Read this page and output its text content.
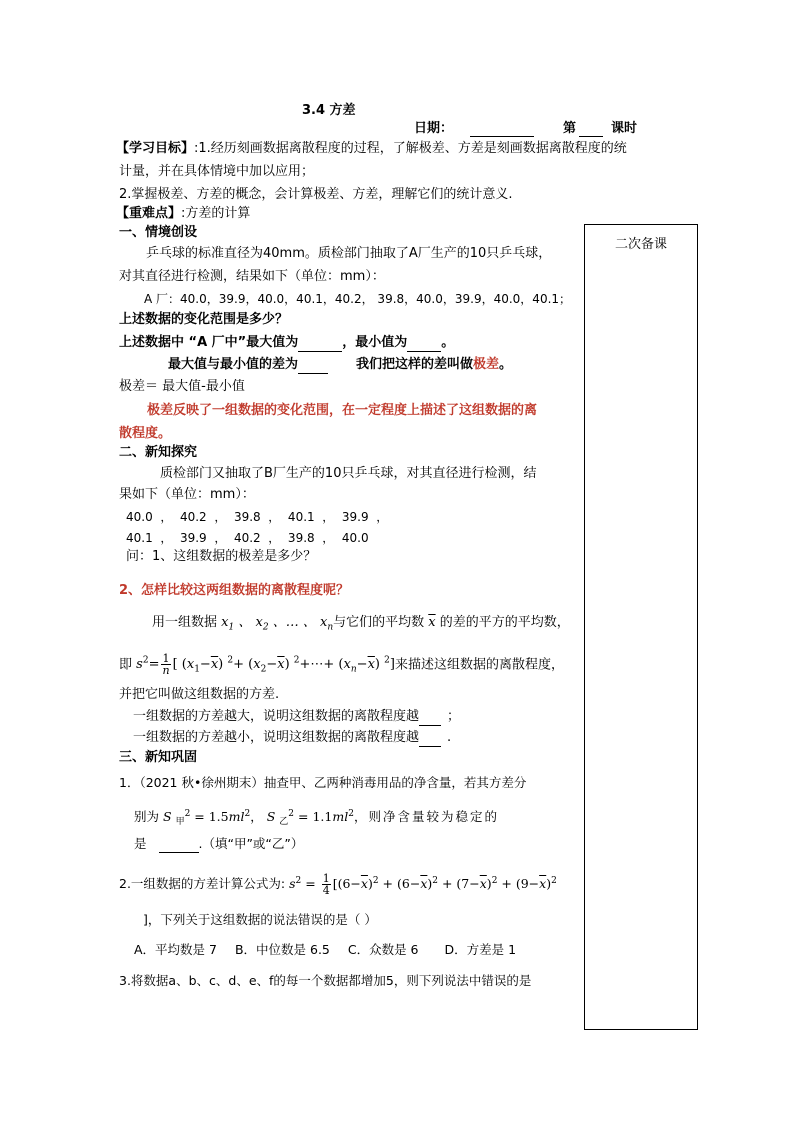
3.4 方差
日期：	第	课时
【学习目标】:1.经历刻画数据离散程度的过程，了解极差、方差是刻画数据离散程度的统
计量，并在具体情境中加以应用；
2.掌握极差、方差的概念，会计算极差、方差，理解它们的统计意义.
【重难点】:方差的计算
二次备课
一、情境创设
乒乓球的标准直径为40mm。质检部门抽取了A厂生产的10只乒乓球，
对其直径进行检测，结果如下（单位：mm）：
A 厂：40.0，39.9，40.0，40.1，40.2， 39.8，40.0，39.9，40.0，40.1；
上述数据的变化范围是多少？
上述数据中 “A 厂中”最大值为	，最小值为	。
最大值与最小值的差为	我们把这样的差叫做极差。
极差＝ 最大值-最小值
极差反映了一组数据的变化范围，在一定程度上描述了这组数据的离
散程度。
二、新知探究
质检部门又抽取了B厂生产的10只乒乓球，对其直径进行检测，结
果如下（单位：mm）：
40.0  ，  40.2  ，  39.8  ，  40.1  ，  39.9  ，
40.1  ，  39.9  ，  40.2  ，  39.8  ，  40.0
问：1、这组数据的极差是多少？
2、怎样比较这两组数据的离散程度呢？
用一组数据 $x_1$ 、 $x_2$ 、… 、 $x_n$与它们的平均数 $\overline{x}$ 的差的平方的平均数，
即 $s^2= \frac{1}{n}$ [ $(x_1-\overline{x})$ $^2+ (x_2-\overline{x})$ $^2$+⋯+ $(x_n-\overline{x})$ $^2$]来描述这组数据的离散程度，
并把它叫做这组数据的方差.
一组数据的方差越大，说明这组数据的离散程度越 ；
一组数据的方差越小，说明这组数据的离散程度越 .
三、新知巩固
1．（2021 秋•徐州期末）抽查甲、乙两种消毒用品的净含量，若其方差分
别为 S $_甲^2 = 1.5ml^2$， S $_乙^2 = 1.1ml^2$，则净含量较为稳定的
是	.（填“甲”或“乙”）
2.一组数据的方差计算公式为: $s^2 = \frac{1}{4} [(6-\overline{x})^2 + (6-\overline{x})^2 + (7-\overline{x})^2 + (9-\overline{x})^2$
]，下列关于这组数据的说法错误的是（ ）
A．平均数是 7 B．中位数是 6.5 C．众数是 6 D．方差是 1
3.将数据a、b、c、d、e、f的每一个数据都增加5，则下列说法中错误的是
